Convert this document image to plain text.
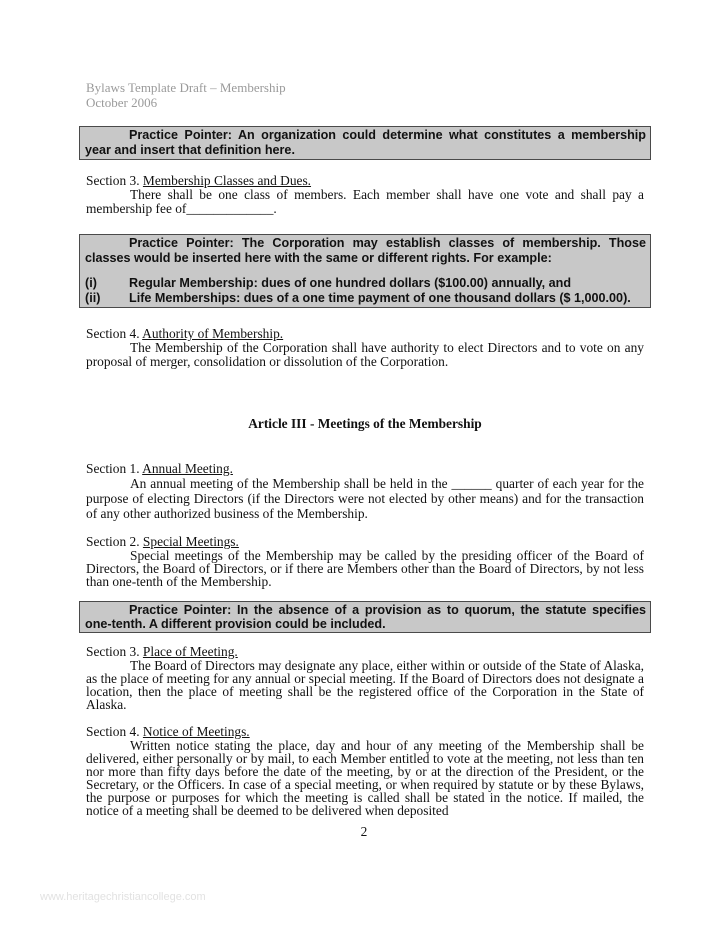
Bylaws Template Draft – Membership
October 2006

Practice Pointer: An organization could determine what constitutes a membership year and insert that definition here.

Section 3. Membership Classes and Dues.

There shall be one class of members. Each member shall have one vote and shall pay a membership fee of_____________.

Practice Pointer: The Corporation may establish classes of membership. Those classes would be inserted here with the same or different rights. For example:

(i)	Regular Membership: dues of one hundred dollars ($100.00) annually, and
(ii)	Life Memberships: dues of a one time payment of one thousand dollars ($ 1,000.00).

Section 4. Authority of Membership.

The Membership of the Corporation shall have authority to elect Directors and to vote on any proposal of merger, consolidation or dissolution of the Corporation.

Article III - Meetings of the Membership

Section 1. Annual Meeting.

An annual meeting of the Membership shall be held in the ______ quarter of each year for the purpose of electing Directors (if the Directors were not elected by other means) and for the transaction of any other authorized business of the Membership.

Section 2. Special Meetings.

Special meetings of the Membership may be called by the presiding officer of the Board of Directors, the Board of Directors, or if there are Members other than the Board of Directors, by not less than one-tenth of the Membership.

Practice Pointer: In the absence of a provision as to quorum, the statute specifies one-tenth. A different provision could be included.

Section 3. Place of Meeting.

The Board of Directors may designate any place, either within or outside of the State of Alaska, as the place of meeting for any annual or special meeting. If the Board of Directors does not designate a location, then the place of meeting shall be the registered office of the Corporation in the State of Alaska.

Section 4. Notice of Meetings.

Written notice stating the place, day and hour of any meeting of the Membership shall be delivered, either personally or by mail, to each Member entitled to vote at the meeting, not less than ten nor more than fifty days before the date of the meeting, by or at the direction of the President, or the Secretary, or the Officers. In case of a special meeting, or when required by statute or by these Bylaws, the purpose or purposes for which the meeting is called shall be stated in the notice. If mailed, the notice of a meeting shall be deemed to be delivered when deposited

2
www.heritagechristiancollege.com
